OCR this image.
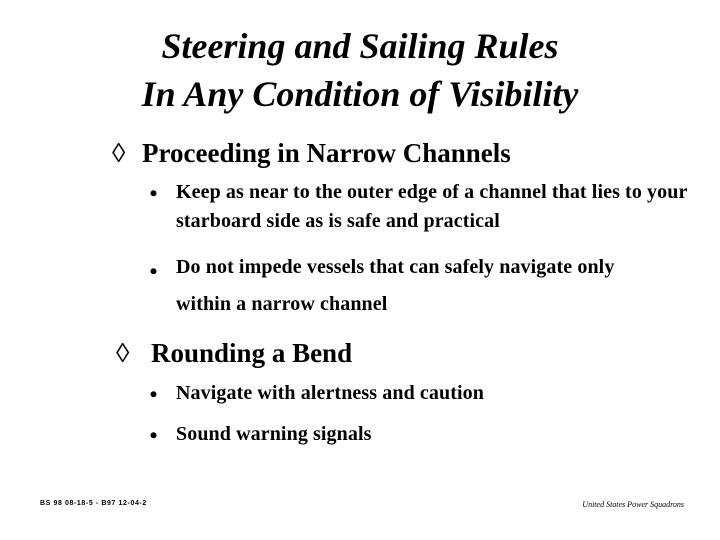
Steering and Sailing Rules
In Any Condition of Visibility
◊ Proceeding in Narrow Channels
⦁ Keep as near to the outer edge of a channel that lies to your starboard side as is safe and practical
⦁ Do not impede vessels that can safely navigate only within a narrow channel
◊ Rounding a Bend
⦁ Navigate with alertness and caution
⦁ Sound warning signals
BS 98 08-18-5 - B97 12-04-2	United States Power Squadrons
